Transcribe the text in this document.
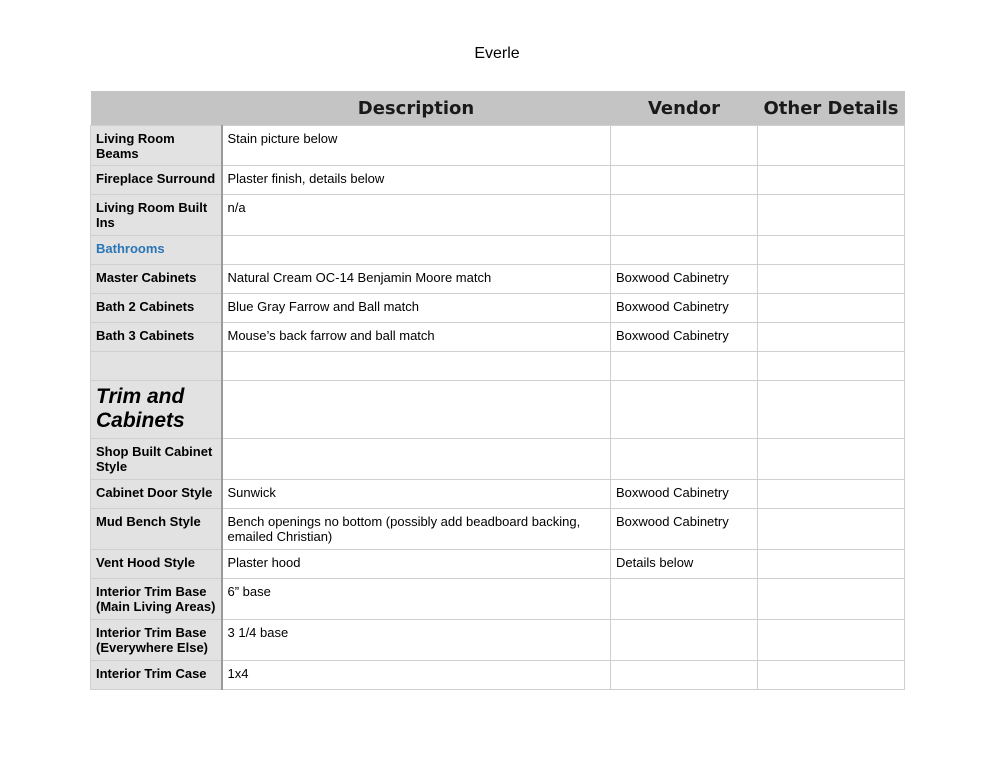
Everle
	Description	Vendor	Other Details
Living Room Beams	Stain picture below		
Fireplace Surround	Plaster finish, details below		
Living Room Built Ins	n/a		
Bathrooms			
Master Cabinets	Natural Cream OC-14 Benjamin Moore match	Boxwood Cabinetry	
Bath 2 Cabinets	Blue Gray Farrow and Ball match	Boxwood Cabinetry	
Bath 3 Cabinets	Mouse’s back farrow and ball match	Boxwood Cabinetry	

Trim and Cabinets			
Shop Built Cabinet Style			
Cabinet Door Style	Sunwick	Boxwood Cabinetry	
Mud Bench Style	Bench openings no bottom (possibly add beadboard backing, emailed Christian)	Boxwood Cabinetry	
Vent Hood Style	Plaster hood	Details below	
Interior Trim Base (Main Living Areas)	6” base		
Interior Trim Base (Everywhere Else)	3 1/4 base		
Interior Trim Case	1x4		
